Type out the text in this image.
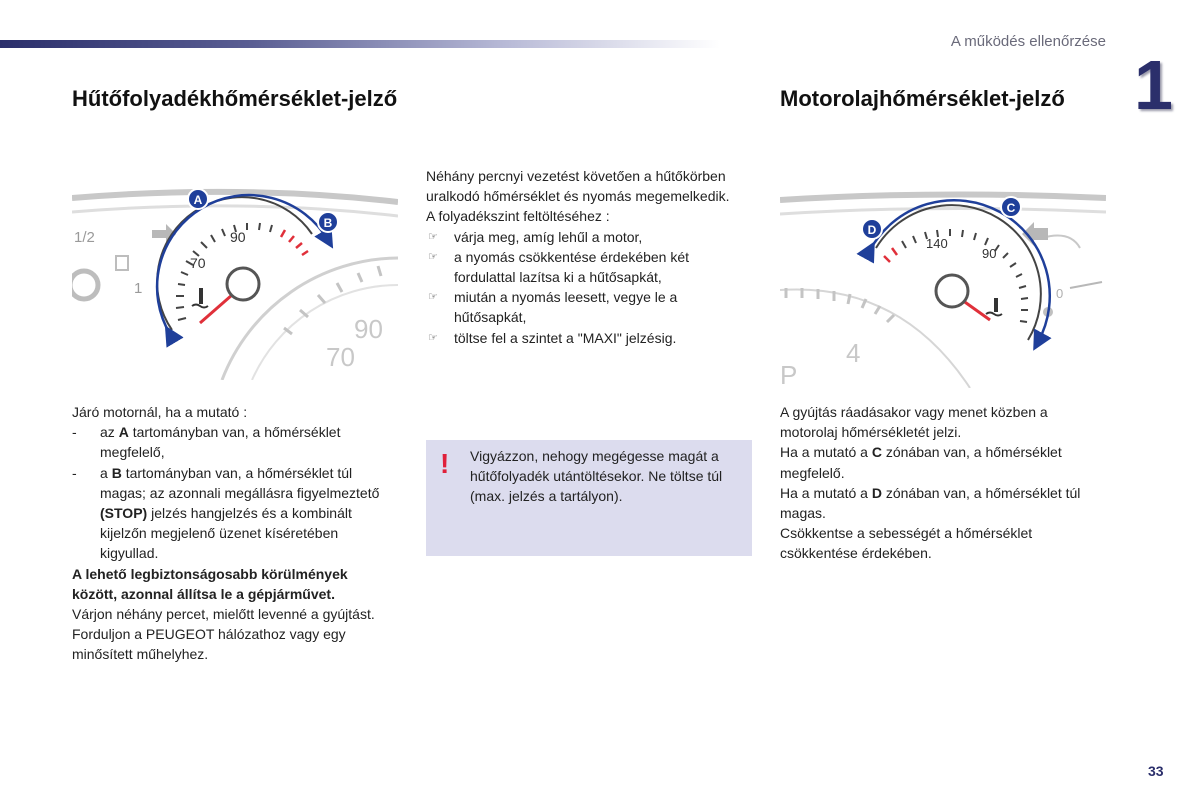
A működés ellenőrzése
1
Hűtőfolyadékhőmérséklet-jelző	Motorolajhőmérséklet-jelző
1/2
1
90
70
90
70
A
B
4
P
0
140
90
D
C

Járó motornál, ha a mutató :

- az A tartományban van, a hőmérséklet megfelelő,
- a B tartományban van, a hőmérséklet túl magas; az azonnali megállásra figyelmeztető (STOP) jelzés hangjelzés és a kombinált kijelzőn megjelenő üzenet kíséretében kigyullad.

A lehető legbiztonságosabb körülmények között, azonnal állítsa le a gépjárművet.

Várjon néhány percet, mielőtt levenné a gyújtást.

Forduljon a PEUGEOT hálózathoz vagy egy minősített műhelyhez.

Néhány percnyi vezetést követően a hűtőkörben uralkodó hőmérséklet és nyomás megemelkedik.

A folyadékszint feltöltéséhez :

☞ várja meg, amíg lehűl a motor,
☞ a nyomás csökkentése érdekében két fordulattal lazítsa ki a hűtősapkát,
☞ miután a nyomás leesett, vegye le a hűtősapkát,
☞ töltse fel a szintet a "MAXI" jelzésig.
! Vigyázzon, nehogy megégesse magát a hűtőfolyadék utántöltésekor. Ne töltse túl (max. jelzés a tartályon).

A gyújtás ráadásakor vagy menet közben a motorolaj hőmérsékletét jelzi.

Ha a mutató a C zónában van, a hőmérséklet megfelelő.

Ha a mutató a D zónában van, a hőmérséklet túl magas.

Csökkentse a sebességét a hőmérséklet csökkentése érdekében.

33
